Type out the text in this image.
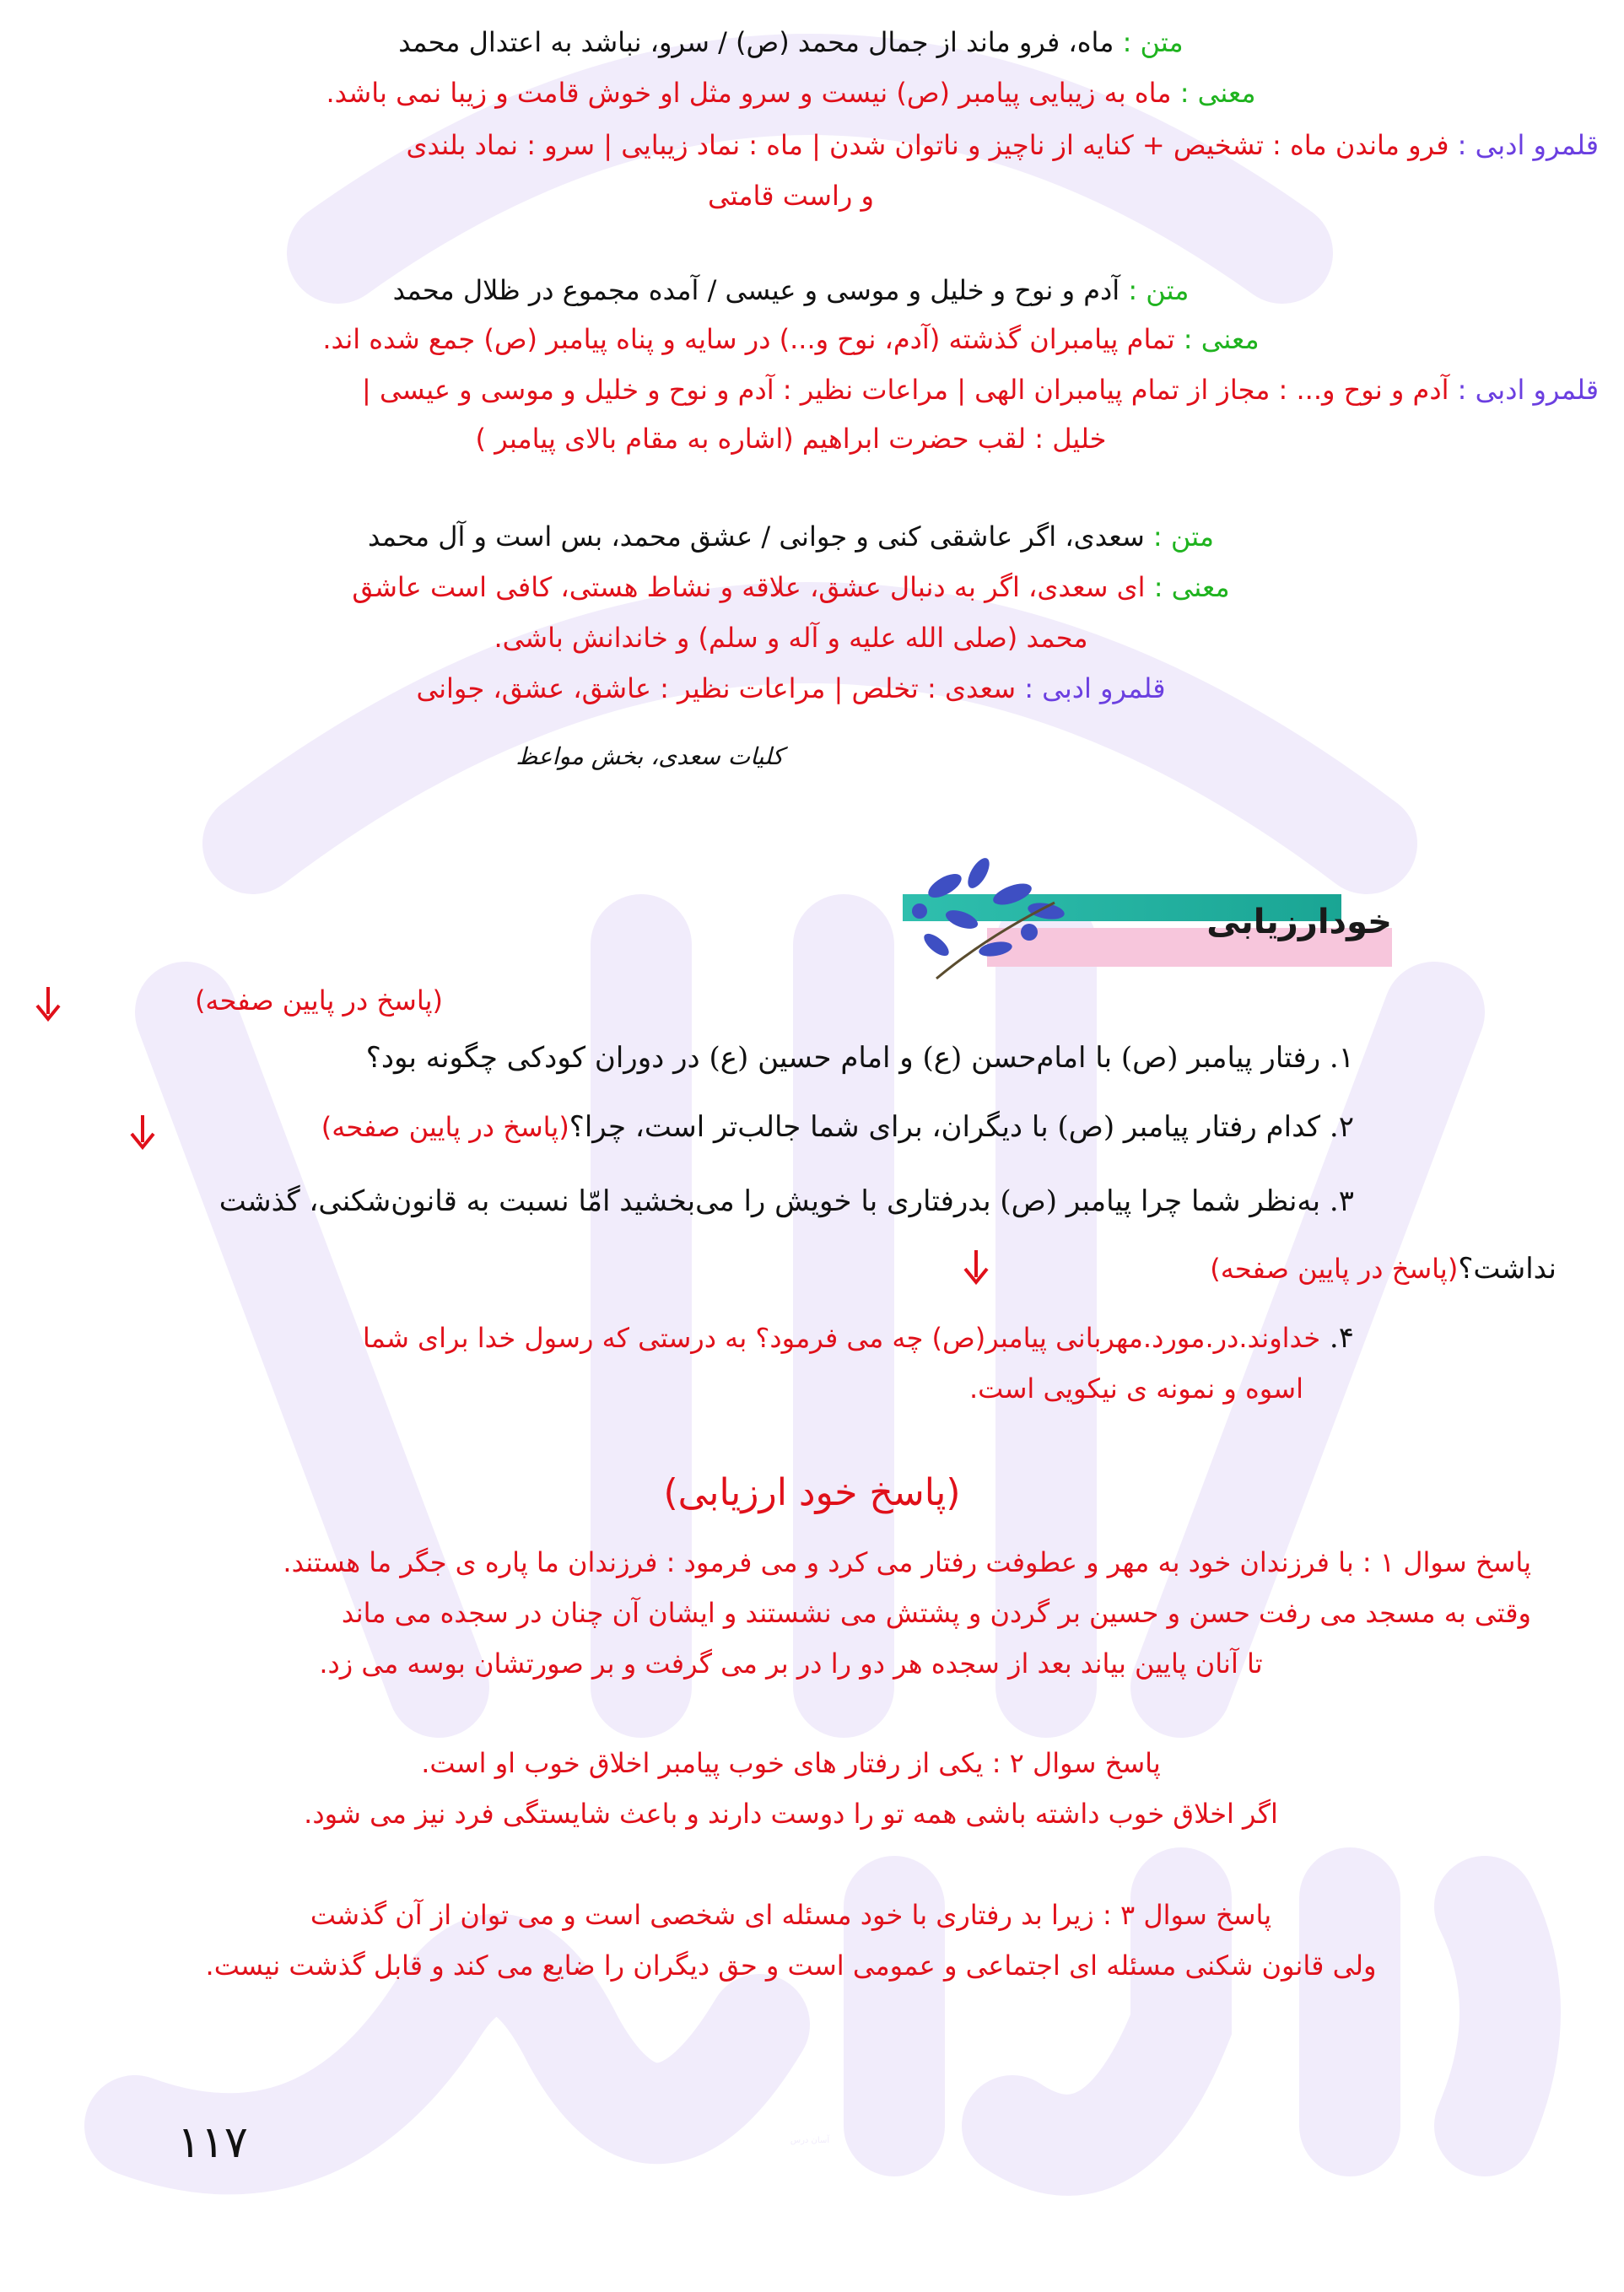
آسان درس
متن : ماه، فرو ماند از جمال محمد (ص) / سرو، نباشد به اعتدال محمد
معنی : ماه به زیبایی پیامبر (ص) نیست و سرو مثل او خوش قامت و زیبا نمی باشد.
قلمرو ادبی : فرو ماندن ماه : تشخیص + کنایه از ناچیز و ناتوان شدن | ماه : نماد زیبایی | سرو : نماد بلندی
و راست قامتی
متن : آدم و نوح و خلیل و موسی و عیسی / آمده مجموع در ظلال محمد
معنی : تمام پیامبران گذشته (آدم، نوح و...) در سایه و پناه پیامبر (ص) جمع شده اند.
قلمرو ادبی : آدم و نوح و... : مجاز از تمام پیامبران الهی | مراعات نظیر : آدم و نوح و خلیل و موسی و عیسی |
خلیل : لقب حضرت ابراهیم (اشاره به مقام بالای پیامبر )
متن : سعدی، اگر عاشقی کنی و جوانی / عشق محمد، بس است و آل محمد
معنی : ای سعدی، اگر به دنبال عشق، علاقه و نشاط هستی، کافی است عاشق
محمد (صلی الله علیه و آله و سلم) و خاندانش باشی.
قلمرو ادبی : سعدی : تخلص | مراعات نظیر : عاشق، عشق، جوانی
کلیات سعدی، بخش مواعظ
خودارزیابی
(پاسخ در پایین صفحه)
۱. رفتار پیامبر (ص) با امام‌حسن (ع) و امام حسین (ع) در دوران کودکی چگونه بود؟
۲. کدام رفتار پیامبر (ص) با دیگران، برای شما جالب‌تر است، چرا؟(پاسخ در پایین صفحه)
۳. به‌نظر شما چرا پیامبر (ص) بدرفتاری با خویش را می‌بخشید امّا نسبت به قانون‌شکنی، گذشت
نداشت؟(پاسخ در پایین صفحه)
۴. خداوند.در.مورد.مهربانی پیامبر(ص) چه می فرمود؟ به درستی که رسول خدا برای شما
اسوه و نمونه ی نیکویی است.
(پاسخ خود ارزیابی)
پاسخ سوال ۱ : با فرزندان خود به مهر و عطوفت رفتار می کرد و می فرمود : فرزندان ما پاره ی جگر ما هستند.
وقتی به مسجد می رفت حسن و حسین بر گردن و پشتش می نشستند و ایشان آن چنان در سجده می ماند
تا آنان پایین بیاند بعد از سجده هر دو را در بر می گرفت و بر صورتشان بوسه می زد.
پاسخ سوال ۲ : یکی از رفتار های خوب پیامبر اخلاق خوب او است.
اگر اخلاق خوب داشته باشی همه تو را دوست دارند و باعث شایستگی فرد نیز می شود.
پاسخ سوال ۳ : زیرا بد رفتاری با خود مسئله ای شخصی است و می توان از آن گذشت
ولی قانون شکنی مسئله ای اجتماعی و عمومی است و حق دیگران را ضایع می کند و قابل گذشت نیست.
۱۱۷
